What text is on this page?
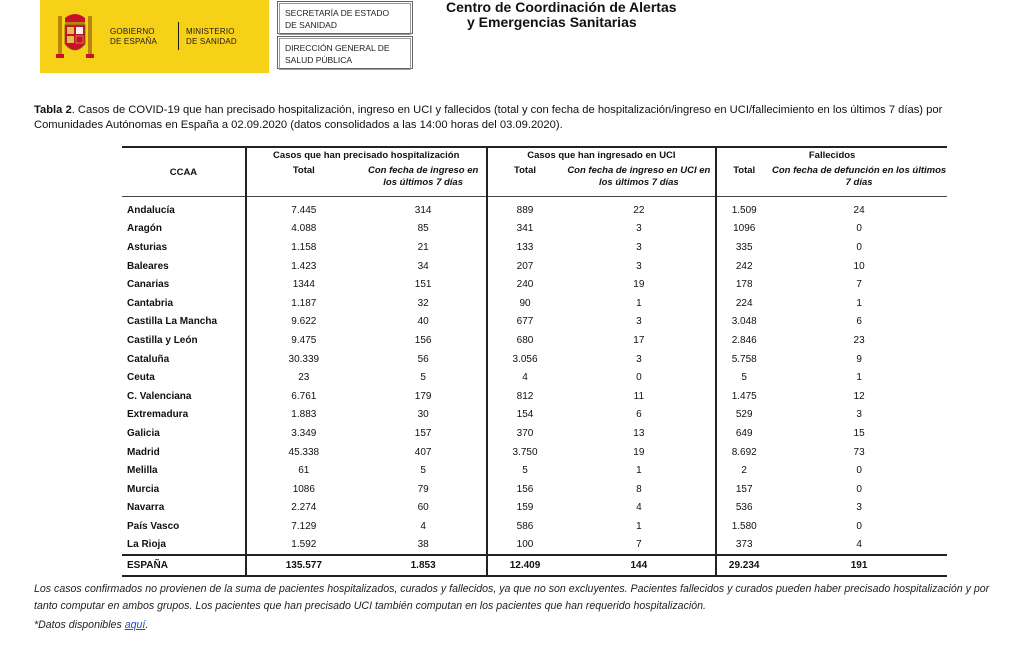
GOBIERNO
DE ESPAÑA
MINISTERIO
DE SANIDAD
SECRETARÍA DE ESTADO
DE SANIDAD
DIRECCIÓN GENERAL DE
SALUD PÚBLICA
Centro de Coordinación de Alertas
y Emergencias Sanitarias
Tabla 2. Casos de COVID-19 que han precisado hospitalización, ingreso en UCI y fallecidos (total y con fecha de hospitalización/ingreso en UCI/fallecimiento en los últimos 7 días) por Comunidades Autónomas en España a 02.09.2020 (datos consolidados a las 14:00 horas del 03.09.2020).
CCAA	Casos que han precisado hospitalización		Casos que han ingresado en UCI		Fallecidos	
	Total	Con fecha de ingreso en los últimos 7 días	Total	Con fecha de ingreso en UCI en los últimos 7 días	Total	Con fecha de defunción en los últimos 7 días
Andalucía	7.445	314	889	22	1.509	24
Aragón	4.088	85	341	3	1096	0
Asturias	1.158	21	133	3	335	0
Baleares	1.423	34	207	3	242	10
Canarias	1344	151	240	19	178	7
Cantabria	1.187	32	90	1	224	1
Castilla La Mancha	9.622	40	677	3	3.048	6
Castilla y León	9.475	156	680	17	2.846	23
Cataluña	30.339	56	3.056	3	5.758	9
Ceuta	23	5	4	0	5	1
C. Valenciana	6.761	179	812	11	1.475	12
Extremadura	1.883	30	154	6	529	3
Galicia	3.349	157	370	13	649	15
Madrid	45.338	407	3.750	19	8.692	73
Melilla	61	5	5	1	2	0
Murcia	1086	79	156	8	157	0
Navarra	2.274	60	159	4	536	3
País Vasco	7.129	4	586	1	1.580	0
La Rioja	1.592	38	100	7	373	4
ESPAÑA	135.577	1.853	12.409	144	29.234	191
Los casos confirmados no provienen de la suma de pacientes hospitalizados, curados y fallecidos, ya que no son excluyentes. Pacientes fallecidos y curados pueden haber precisado hospitalización y por tanto computar en ambos grupos. Los pacientes que han precisado UCI también computan en los pacientes que han requerido hospitalización.
*Datos disponibles aquí.
